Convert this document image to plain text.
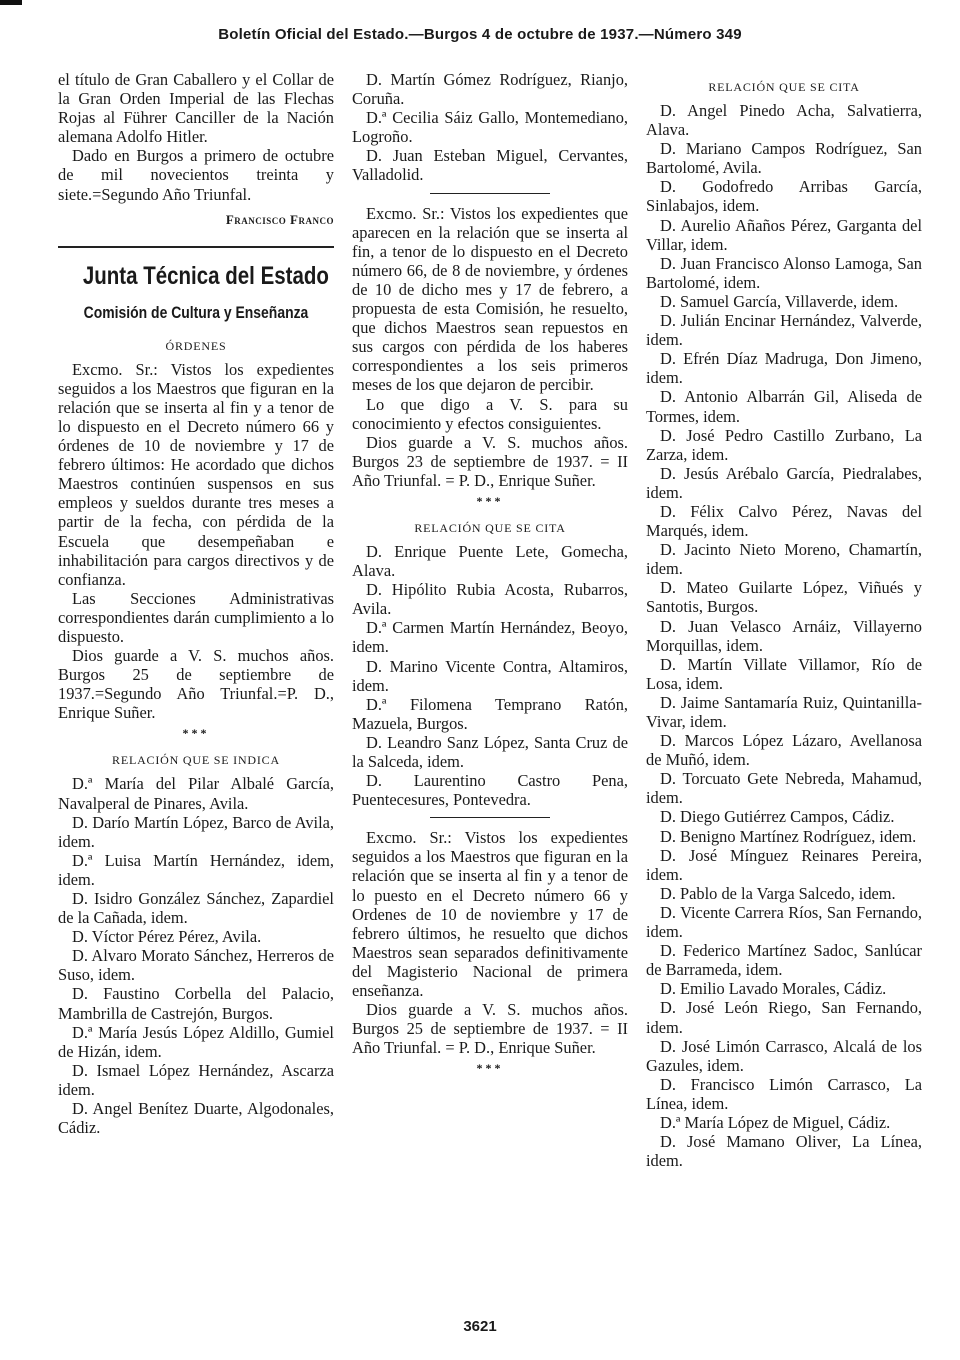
Boletín Oficial del Estado.—Burgos 4 de octubre de 1937.—Número 349

el título de Gran Caballero y el Collar de la Gran Orden Imperial de las Flechas Rojas al Führer Canciller de la Nación alemana Adolfo Hitler.

Dado en Burgos a primero de octubre de mil novecientos treinta y siete.=Segundo Año Triunfal.

Francisco Franco

Junta Técnica del Estado
Comisión de Cultura y Enseñanza
ÓRDENES

Excmo. Sr.: Vistos los expedientes seguidos a los Maestros que figuran en la relación que se inserta al fin y a tenor de lo dispuesto en el Decreto número 66 y órdenes de 10 de noviembre y 17 de febrero últimos: He acordado que dichos Maestros continúen suspensos en sus empleos y sueldos durante tres meses a partir de la fecha, con pérdida de la Escuela que desempeñaban e inhabilitación para cargos directivos y de confianza.

Las Secciones Administrativas correspondientes darán cumplimiento a lo dispuesto.

Dios guarde a V. S. muchos años. Burgos 25 de septiembre de 1937.=Segundo Año Triunfal.=P. D., Enrique Suñer.

***
RELACIÓN QUE SE INDICA

D.ª María del Pilar Albalé García, Navalperal de Pinares, Avila.

D. Darío Martín López, Barco de Avila, idem.

D.ª Luisa Martín Hernández, idem, idem.

D. Isidro González Sánchez, Zapardiel de la Cañada, idem.

D. Víctor Pérez Pérez, Avila.

D. Alvaro Morato Sánchez, Herreros de Suso, idem.

D. Faustino Corbella del Palacio, Mambrilla de Castrejón, Burgos.

D.ª María Jesús López Aldillo, Gumiel de Hizán, idem.

D. Ismael López Hernández, Ascarza idem.

D. Angel Benítez Duarte, Algodonales, Cádiz.

D. Martín Gómez Rodríguez, Rianjo, Coruña.

D.ª Cecilia Sáiz Gallo, Montemediano, Logroño.

D. Juan Esteban Miguel, Cervantes, Valladolid.

Excmo. Sr.: Vistos los expedientes que aparecen en la relación que se inserta al fin, a tenor de lo dispuesto en el Decreto número 66, de 8 de noviembre, y órdenes de 10 de dicho mes y 17 de febrero, a propuesta de esta Comisión, he resuelto, que dichos Maestros sean repuestos en sus cargos con pérdida de los haberes correspondientes a los seis primeros meses de los que dejaron de percibir.

Lo que digo a V. S. para su conocimiento y efectos consiguientes.

Dios guarde a V. S. muchos años. Burgos 23 de septiembre de 1937. = II Año Triunfal. = P. D., Enrique Suñer.

***
RELACIÓN QUE SE CITA

D. Enrique Puente Lete, Gomecha, Alava.

D. Hipólito Rubia Acosta, Rubarros, Avila.

D.ª Carmen Martín Hernández, Beoyo, idem.

D. Marino Vicente Contra, Altamiros, idem.

D.ª Filomena Temprano Ratón, Mazuela, Burgos.

D. Leandro Sanz López, Santa Cruz de la Salceda, idem.

D. Laurentino Castro Pena, Puentecesures, Pontevedra.

Excmo. Sr.: Vistos los expedientes seguidos a los Maestros que figuran en la relación que se inserta al fin y a tenor de lo puesto en el Decreto número 66 y Ordenes de 10 de noviembre y 17 de febrero últimos, he resuelto que dichos Maestros sean separados definitivamente del Magisterio Nacional de primera enseñanza.

Dios guarde a V. S. muchos años. Burgos 25 de septiembre de 1937. = II Año Triunfal. = P. D., Enrique Suñer.

***
RELACIÓN QUE SE CITA

D. Angel Pinedo Acha, Salvatierra, Alava.

D. Mariano Campos Rodríguez, San Bartolomé, Avila.

D. Godofredo Arribas García, Sinlabajos, idem.

D. Aurelio Añaños Pérez, Garganta del Villar, idem.

D. Juan Francisco Alonso Lamoga, San Bartolomé, idem.

D. Samuel García, Villaverde, idem.

D. Julián Encinar Hernández, Valverde, idem.

D. Efrén Díaz Madruga, Don Jimeno, idem.

D. Antonio Albarrán Gil, Aliseda de Tormes, idem.

D. José Pedro Castillo Zurbano, La Zarza, idem.

D. Jesús Arébalo García, Piedralabes, idem.

D. Félix Calvo Pérez, Navas del Marqués, idem.

D. Jacinto Nieto Moreno, Chamartín, idem.

D. Mateo Guilarte López, Viñués y Santotis, Burgos.

D. Juan Velasco Arnáiz, Villayerno Morquillas, idem.

D. Martín Villate Villamor, Río de Losa, idem.

D. Jaime Santamaría Ruiz, Quintanilla-Vivar, idem.

D. Marcos López Lázaro, Avellanosa de Muñó, idem.

D. Torcuato Gete Nebreda, Mahamud, idem.

D. Diego Gutiérrez Campos, Cádiz.

D. Benigno Martínez Rodríguez, idem.

D. José Mínguez Reinares Pereira, idem.

D. Pablo de la Varga Salcedo, idem.

D. Vicente Carrera Ríos, San Fernando, idem.

D. Federico Martínez Sadoc, Sanlúcar de Barrameda, idem.

D. Emilio Lavado Morales, Cádiz.

D. José León Riego, San Fernando, idem.

D. José Limón Carrasco, Alcalá de los Gazules, idem.

D. Francisco Limón Carrasco, La Línea, idem.

D.ª María López de Miguel, Cádiz.

D. José Mamano Oliver, La Línea, idem.

3621
